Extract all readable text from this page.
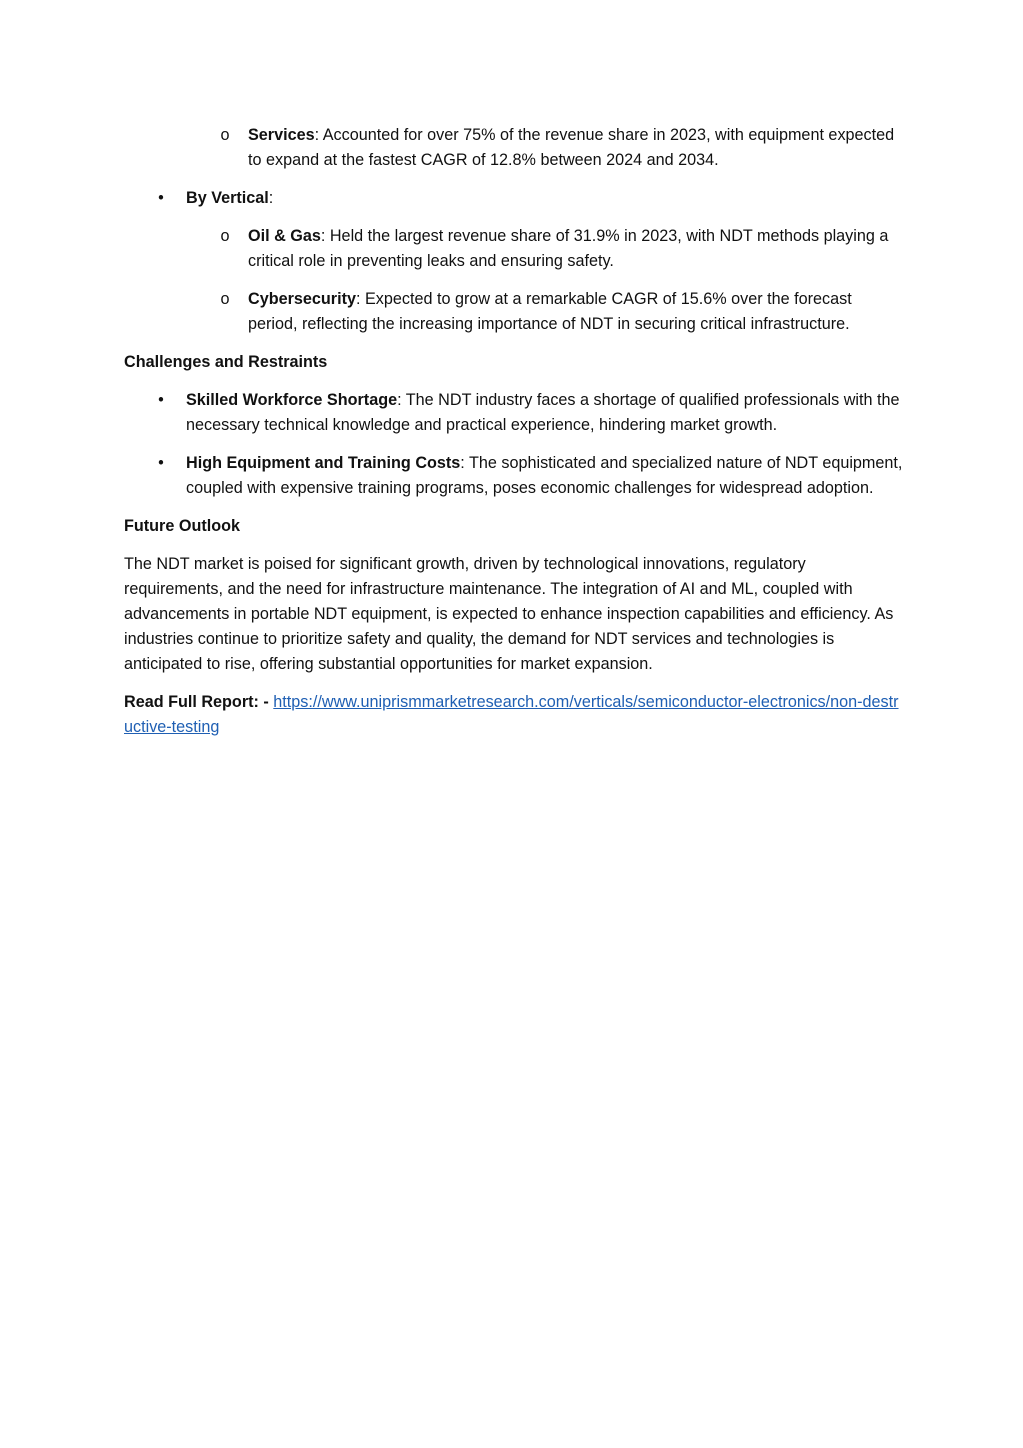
o Services: Accounted for over 75% of the revenue share in 2023, with equipment expected to expand at the fastest CAGR of 12.8% between 2024 and 2034.
• By Vertical:
o Oil & Gas: Held the largest revenue share of 31.9% in 2023, with NDT methods playing a critical role in preventing leaks and ensuring safety.
o Cybersecurity: Expected to grow at a remarkable CAGR of 15.6% over the forecast period, reflecting the increasing importance of NDT in securing critical infrastructure.
Challenges and Restraints
• Skilled Workforce Shortage: The NDT industry faces a shortage of qualified professionals with the necessary technical knowledge and practical experience, hindering market growth.
• High Equipment and Training Costs: The sophisticated and specialized nature of NDT equipment, coupled with expensive training programs, poses economic challenges for widespread adoption.
Future Outlook

The NDT market is poised for significant growth, driven by technological innovations, regulatory requirements, and the need for infrastructure maintenance. The integration of AI and ML, coupled with advancements in portable NDT equipment, is expected to enhance inspection capabilities and efficiency. As industries continue to prioritize safety and quality, the demand for NDT services and technologies is anticipated to rise, offering substantial opportunities for market expansion.

Read Full Report: - https://www.uniprismmarketresearch.com/verticals/semiconductor-electronics/non-destructive-testing
